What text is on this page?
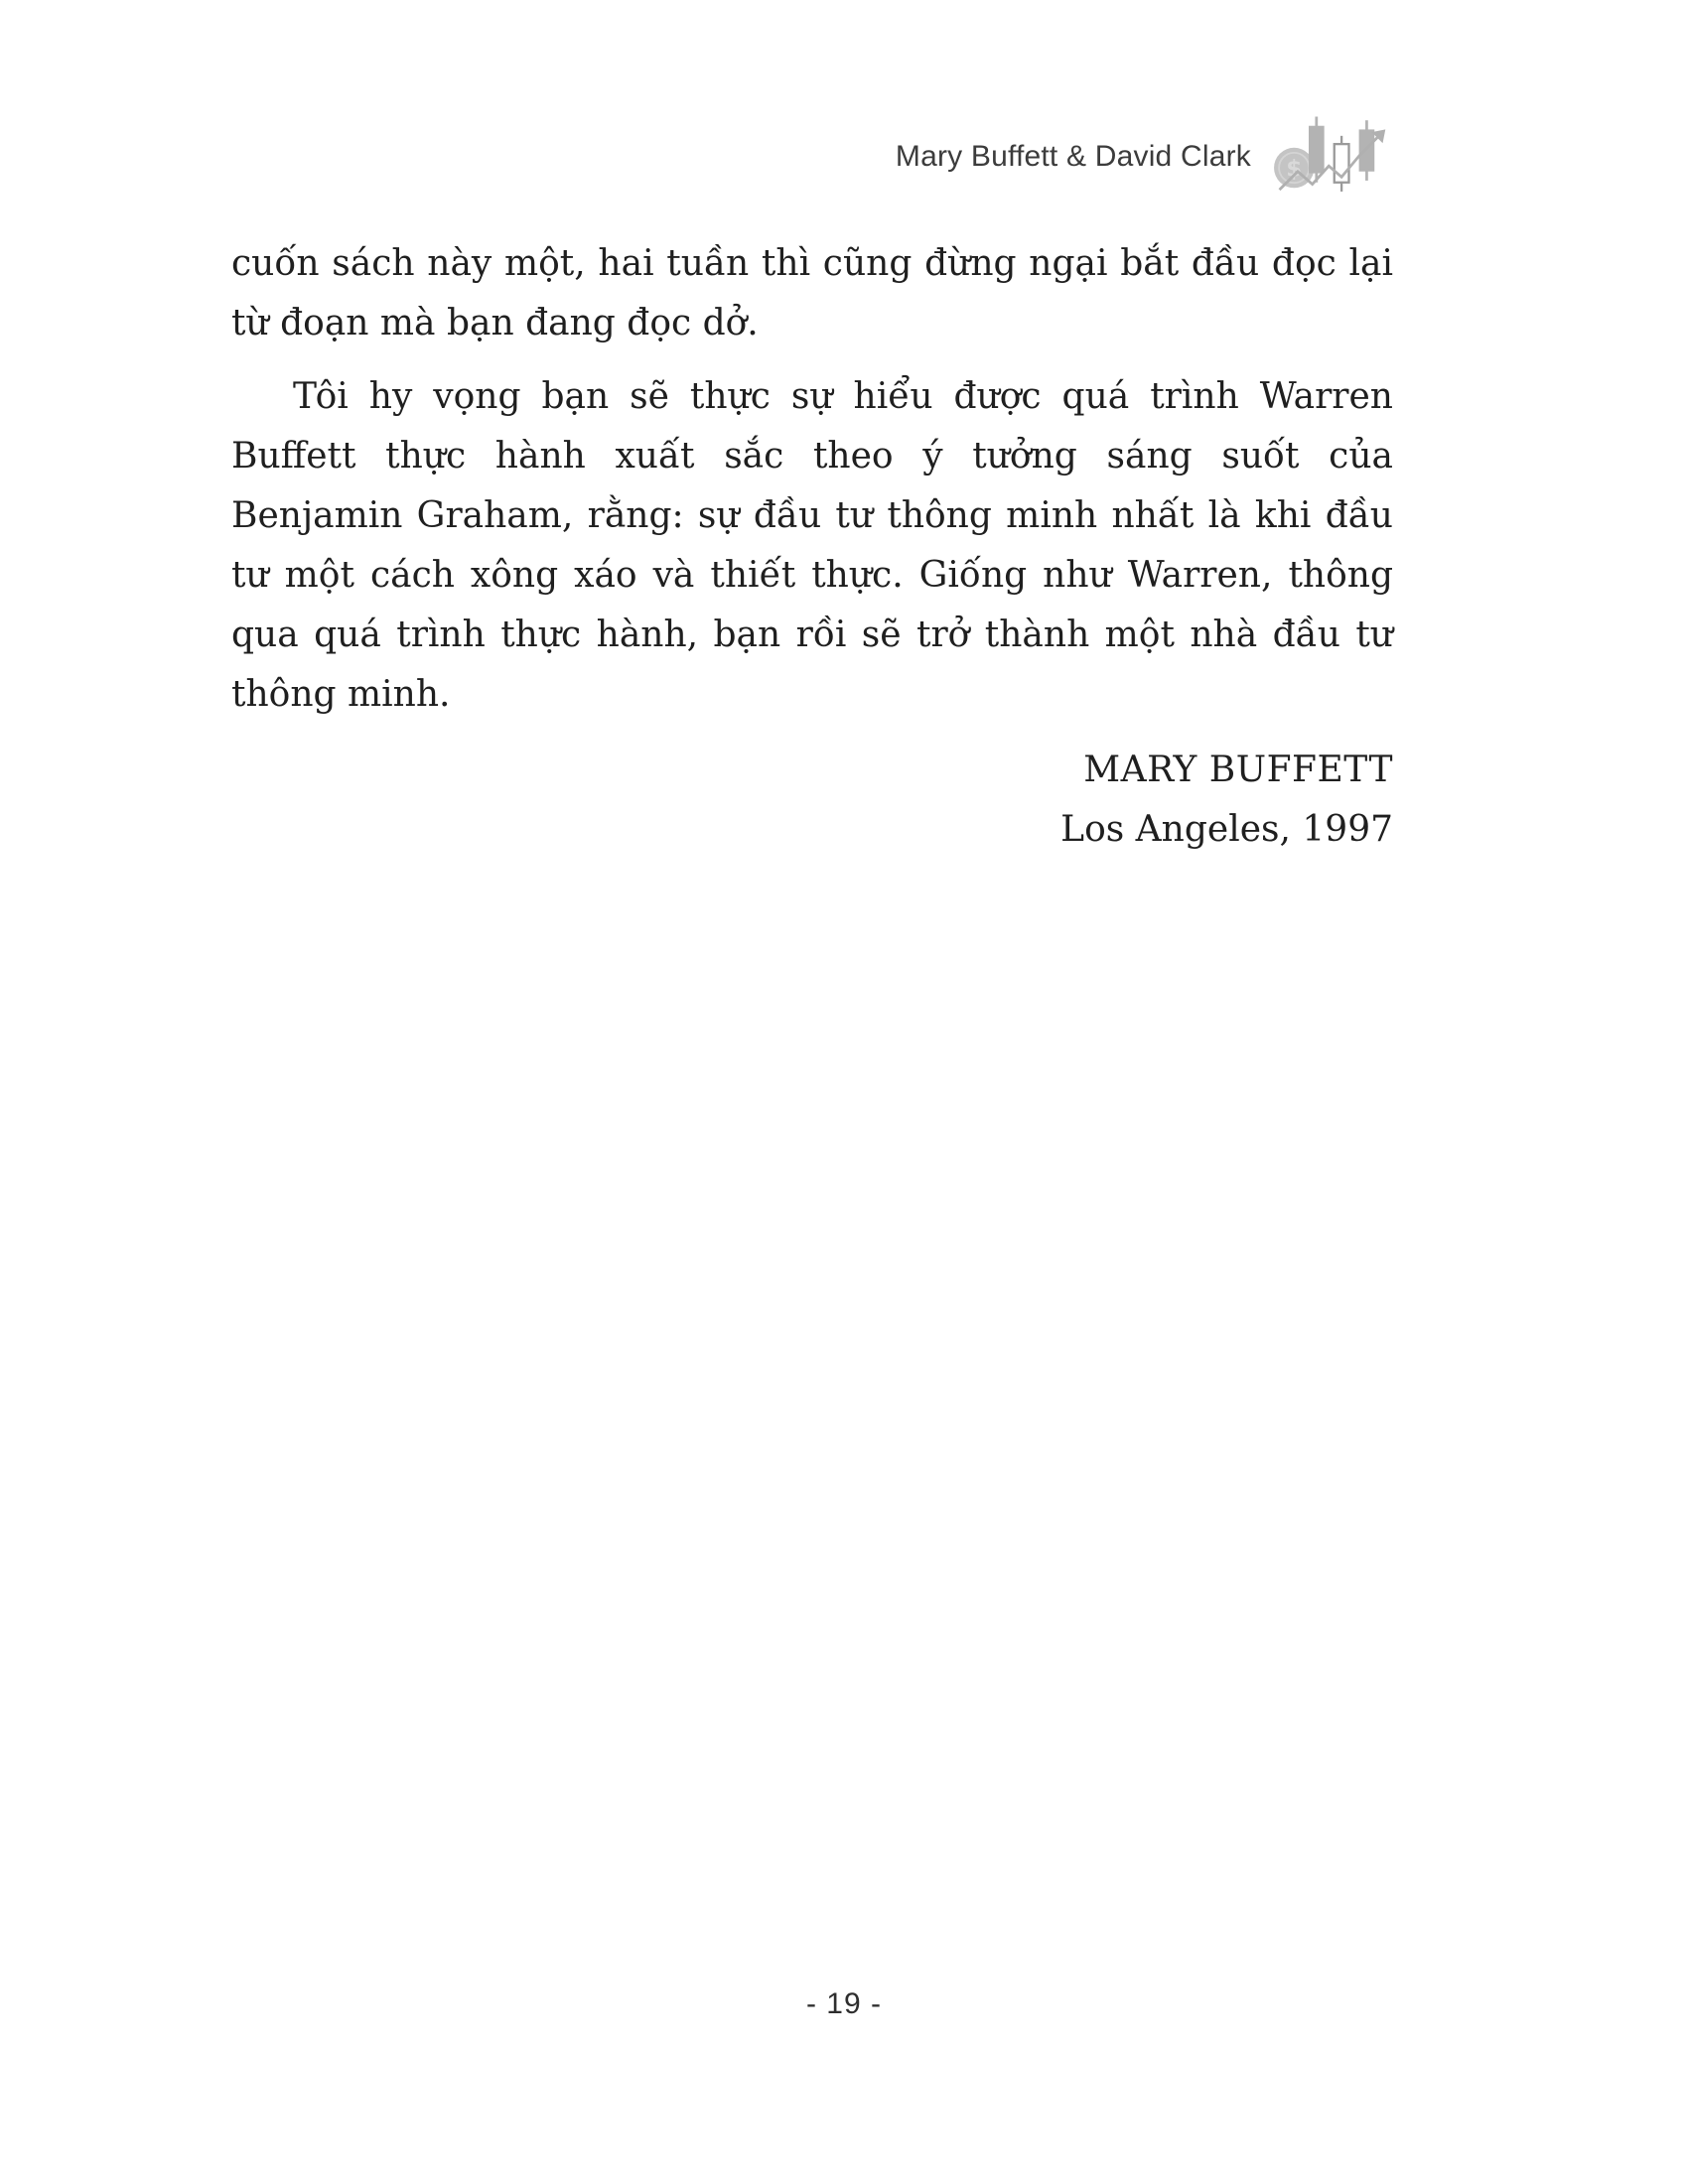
Mary Buffett & David Clark $

cuốn sách này một, hai tuần thì cũng đừng ngại bắt đầu đọc lại từ đoạn mà bạn đang đọc dở.

Tôi hy vọng bạn sẽ thực sự hiểu được quá trình Warren Buffett thực hành xuất sắc theo ý tưởng sáng suốt của Benjamin Graham, rằng: sự đầu tư thông minh nhất là khi đầu tư một cách xông xáo và thiết thực. Giống như Warren, thông qua quá trình thực hành, bạn rồi sẽ trở thành một nhà đầu tư thông minh.

MARY BUFFETT
Los Angeles, 1997
- 19 -
